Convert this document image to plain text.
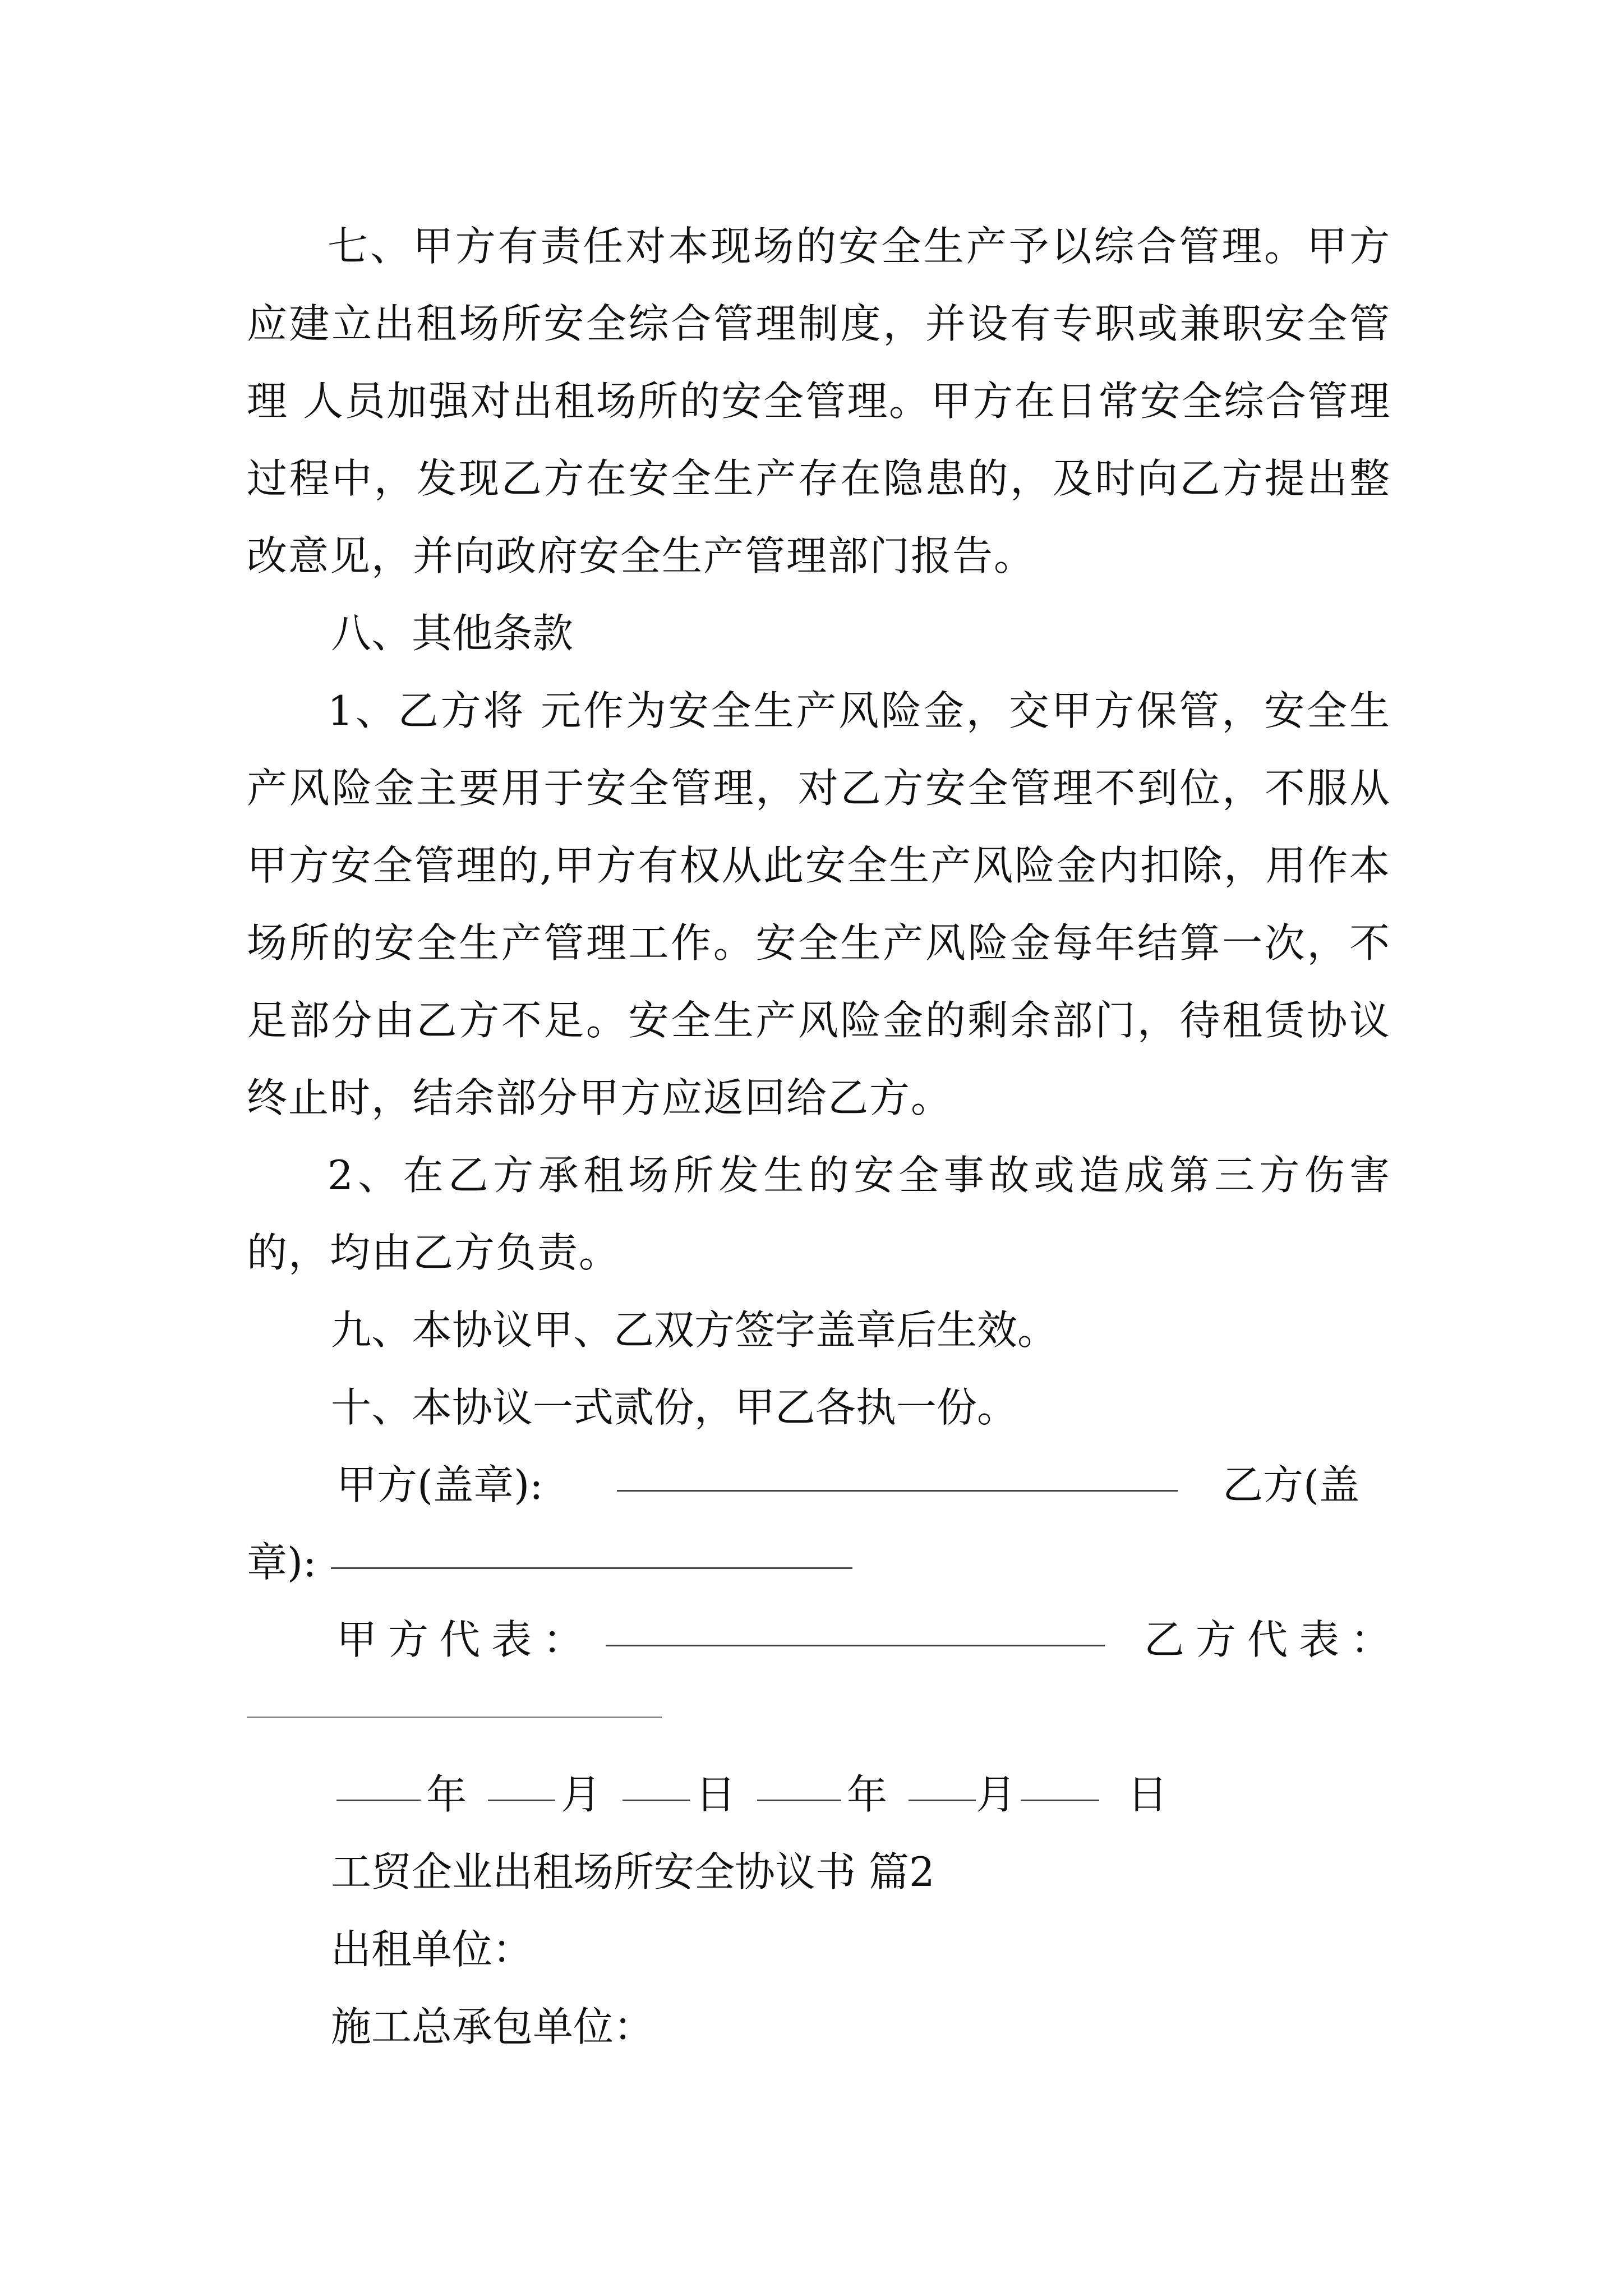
七、甲方有责任对本现场的安全生产予以综合管理。甲方应建立出租场所安全综合管理制度，并设有专职或兼职安全管理 人员加强对出租场所的安全管理。甲方在日常安全综合管理过程中，发现乙方在安全生产存在隐患的，及时向乙方提出整改意见，并向政府安全生产管理部门报告。

八、其他条款

1、乙方将 元作为安全生产风险金，交甲方保管，安全生产风险金主要用于安全管理，对乙方安全管理不到位，不服从甲方安全管理的,甲方有权从此安全生产风险金内扣除，用作本场所的安全生产管理工作。安全生产风险金每年结算一次，不足部分由乙方不足。安全生产风险金的剩余部门，待租赁协议终止时，结余部分甲方应返回给乙方。

2、在乙方承租场所发生的安全事故或造成第三方伤害的，均由乙方负责。

九、本协议甲、乙双方签字盖章后生效。

十、本协议一式贰份，甲乙各执一份。

甲方(盖章):	乙方(盖
章):
甲方代表：	乙方代表：
年 月 日	年 月	日

工贸企业出租场所安全协议书 篇2

出租单位：

施工总承包单位：
